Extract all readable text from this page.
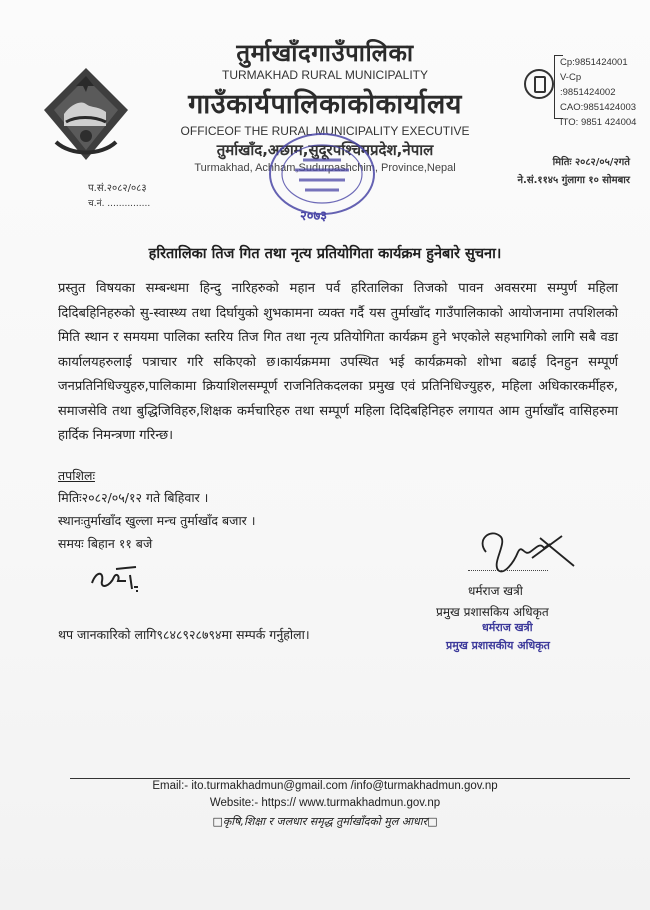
तुर्माखाँदगाउँपालिका
TURMAKHAD RURAL MUNICIPALITY
गाउँकार्यपालिकाकोकार्यालय
OFFICEOF THE RURAL MUNICIPALITY EXECUTIVE
तुर्माखाँद,अछाम,सुदूरपश्चिमप्रदेश,नेपाल
Turmakhad, Achham,Sudurpashchim, Province,Nepal
Cp:9851424001
V-Cp :9851424002
CAO:9851424003
ITO: 9851 424004
प.सं.२०८२/०८३
च.नं. ...............
मितिः २०८२/०५/२गते
ने.सं.११४५ गुंलागा १० सोमबार
२०७३
हरितालिका तिज गित तथा नृत्य प्रतियोगिता कार्यक्रम हुनेबारे सुचना।
प्रस्तुत विषयका सम्बन्धमा हिन्दु नारिहरुको महान पर्व हरितालिका तिजको पावन अवसरमा सम्पुर्ण महिला दिदिबहिनिहरुको सु-स्वास्थ्य तथा दिर्घायुको शुभकामना व्यक्त गर्दै यस तुर्माखाँद गाउँपालिकाको आयोजनामा तपशिलको मिति स्थान र समयमा पालिका स्तरिय तिज गित तथा नृत्य प्रतियोगिता कार्यक्रम हुने भएकोले सहभागिको लागि सबै वडा कार्यालयहरुलाई पत्राचार गरि सकिएको छ।कार्यक्रममा उपस्थित भई कार्यक्रमको शोभा बढाई दिनहुन सम्पूर्ण जनप्रतिनिधिज्युहरु,पालिकामा क्रियाशिलसम्पूर्ण राजनितिकदलका प्रमुख एवं प्रतिनिधिज्युहरु, महिला अधिकारकर्मीहरु, समाजसेवि तथा बुद्धिजिविहरु,शिक्षक कर्मचारिहरु तथा सम्पूर्ण महिला दिदिबहिनिहरु लगायत आम तुर्माखाँद वासिहरुमा हार्दिक निमन्त्रणा गरिन्छ।
तपशिलः
मितिः२०८२/०५/१२ गते बिहिवार ।
स्थानःतुर्माखाँद खुल्ला मन्च तुर्माखाँद बजार ।
समयः बिहान ११ बजे
धर्मराज खत्री
प्रमुख प्रशासकिय अधिकृत
धर्मराज खत्री
प्रमुख प्रशासकीय अधिकृत
थप जानकारिको लागि९८४८९२८७९४मा सम्पर्क गर्नुहोला।
Email:- ito.turmakhadmun@gmail.com /info@turmakhadmun.gov.np
Website:- https:// www.turmakhadmun.gov.np
□कृषि,शिक्षा र जलधार समृद्ध तुर्माखाँदको मुल आधार□
